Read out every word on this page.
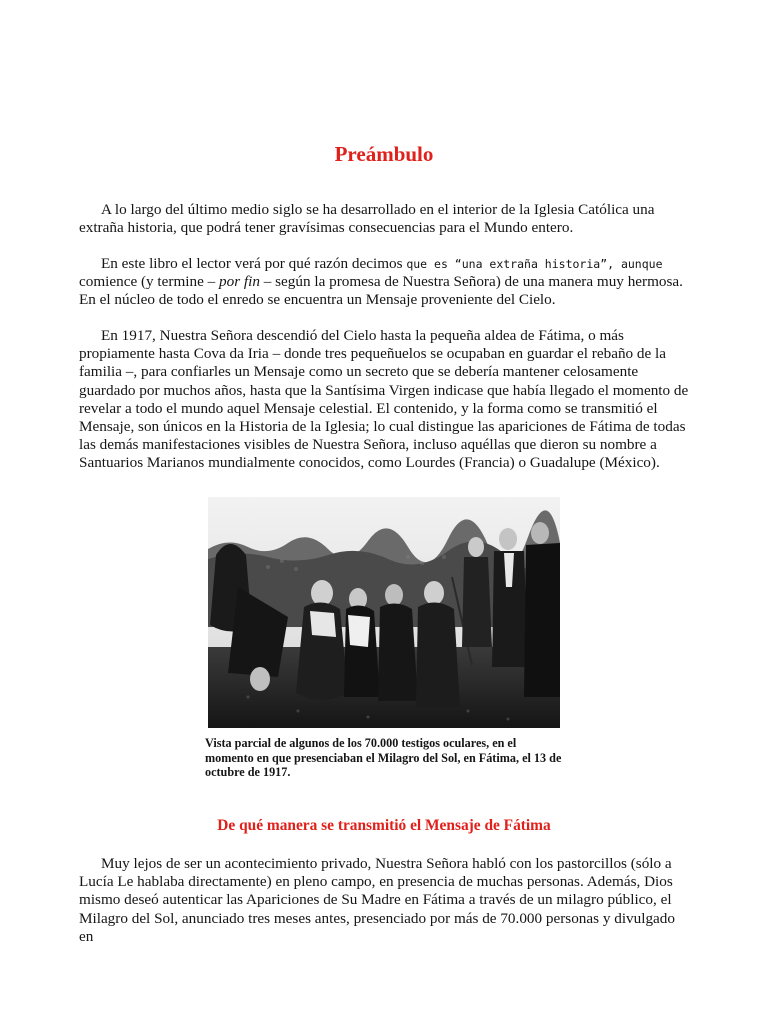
Preámbulo

A lo largo del último medio siglo se ha desarrollado en el interior de la Iglesia Católica una extraña historia, que podrá tener gravísimas consecuencias para el Mundo entero.

En este libro el lector verá por qué razón decimos que es “una extraña historia”, aunque comience (y termine – por fin – según la promesa de Nuestra Señora) de una manera muy hermosa. En el núcleo de todo el enredo se encuentra un Mensaje proveniente del Cielo.

En 1917, Nuestra Señora descendió del Cielo hasta la pequeña aldea de Fátima, o más propiamente hasta Cova da Iria – donde tres pequeñuelos se ocupaban en guardar el rebaño de la familia –, para confiarles un Mensaje como un secreto que se debería mantener celosamente guardado por muchos años, hasta que la Santísima Virgen indicase que había llegado el momento de revelar a todo el mundo aquel Mensaje celestial. El contenido, y la forma como se transmitió el Mensaje, son únicos en la Historia de la Iglesia; lo cual distingue las apariciones de Fátima de todas las demás manifestaciones visibles de Nuestra Señora, incluso aquéllas que dieron su nombre a Santuarios Marianos mundialmente conocidos, como Lourdes (Francia) o Guadalupe (México).

Vista parcial de algunos de los 70.000 testigos oculares, en el momento en que presenciaban el Milagro del Sol, en Fátima, el 13 de octubre de 1917.

De qué manera se transmitió el Mensaje de Fátima

Muy lejos de ser un acontecimiento privado, Nuestra Señora habló con los pastorcillos (sólo a Lucía Le hablaba directamente) en pleno campo, en presencia de muchas personas. Además, Dios mismo deseó autenticar las Apariciones de Su Madre en Fátima a través de un milagro público, el Milagro del Sol, anunciado tres meses antes, presenciado por más de 70.000 personas y divulgado en
